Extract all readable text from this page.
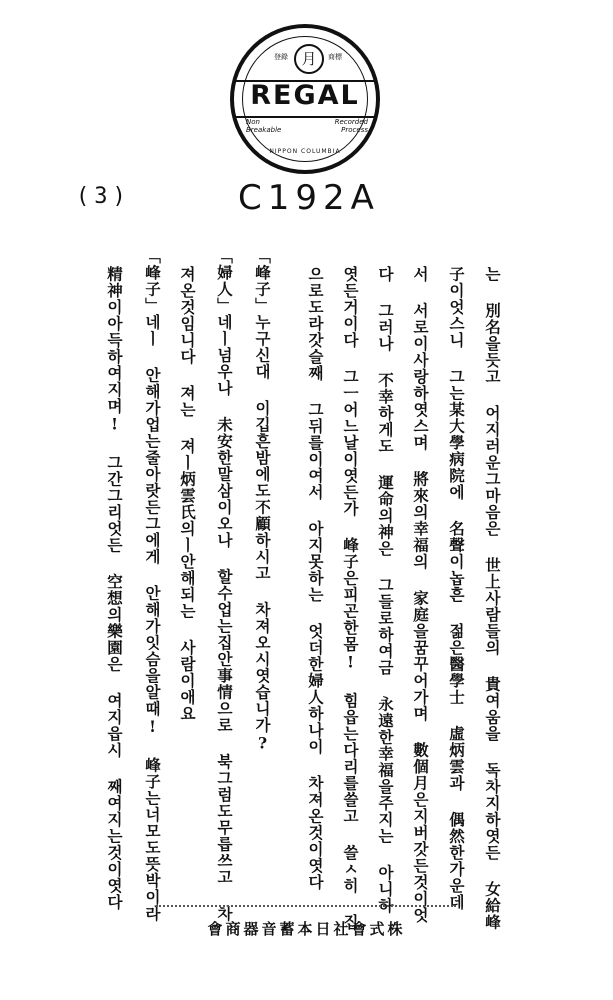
月
登錄	商標
REGAL
Non Breakable
Recorded Process
NIPPON COLUMBIA
(3)	C192A
는 別名을듯고 어지러운그마음은 世上사람들의 貴여움을 독차지하엿든 女給峰
子이엇스니 그는某大學病院에 名聲이놉흔 젊은醫學士 虛炳雲과 偶然한가운데
서 서로이사랑하엿스며 將來의幸福의 家庭을꿈꾸어가며 數個月은지버갓든것이엇
다 그러나 不幸하게도 運命의神은 그들로하여금 永遠한幸福을주지는 아니하
엿든거이다 그ㅡ어느날이엿든가 峰子은피곤한몸! 힘읍는다리를쓸고 쓸ㅅ히 집
으로도라갓슬째 그뒤를이여서 아지못하는 엇더한婦人하나이 차져온것이엿다
「峰子」누구신대 이깁흔밤에도不顧하시고 차져오시엿습니가?
「婦人」네ㅣ넘우나 未安한말삼이오나 할수업는집안事情으로 북그럼도무릅쓰고 차
져온것임니다 져는 져ㅣ炳雲氏의ㅣ안해되는 사람이애요
「峰子」네ㅣ 안해가업는줄아랏든그에게 안해가잇슴을알때! 峰子는너모도뜻박이라
精神이아득하여지며! 그간그리엇든 空想의樂園은 여지읍시 째여지는것이엿다
會商器音蓄本日社會式株
